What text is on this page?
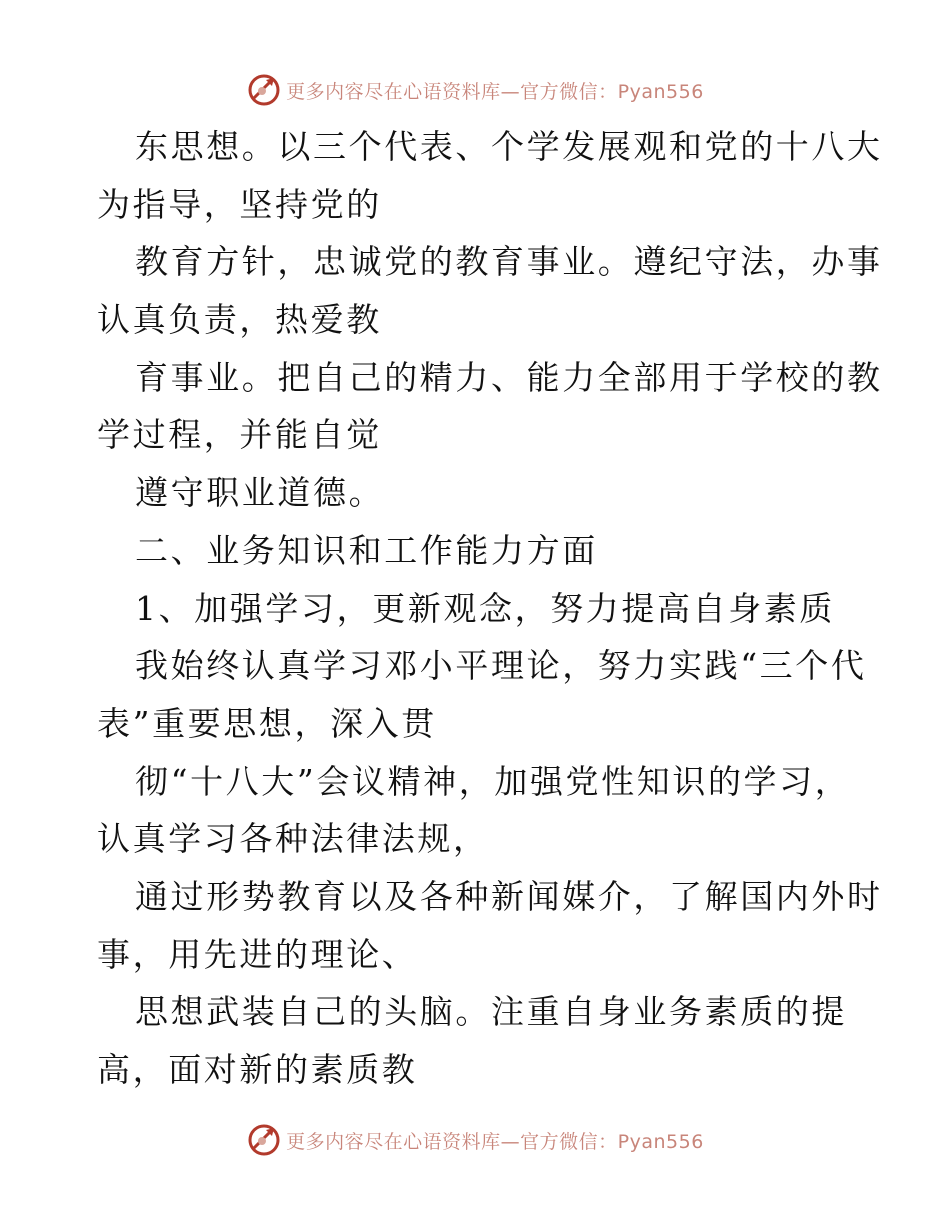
更多内容尽在心语资料库—官方微信：Pyan556
东思想。以三个代表、个学发展观和党的十八大
为指导，坚持党的
教育方针，忠诚党的教育事业。遵纪守法，办事
认真负责，热爱教
育事业。把自己的精力、能力全部用于学校的教
学过程，并能自觉
遵守职业道德。
二、业务知识和工作能力方面
1、加强学习，更新观念，努力提高自身素质
我始终认真学习邓小平理论，努力实践“三个代
表”重要思想，深入贯
彻“十八大”会议精神，加强党性知识的学习，
认真学习各种法律法规，
通过形势教育以及各种新闻媒介，了解国内外时
事，用先进的理论、
思想武装自己的头脑。注重自身业务素质的提
高，面对新的素质教
更多内容尽在心语资料库—官方微信：Pyan556
